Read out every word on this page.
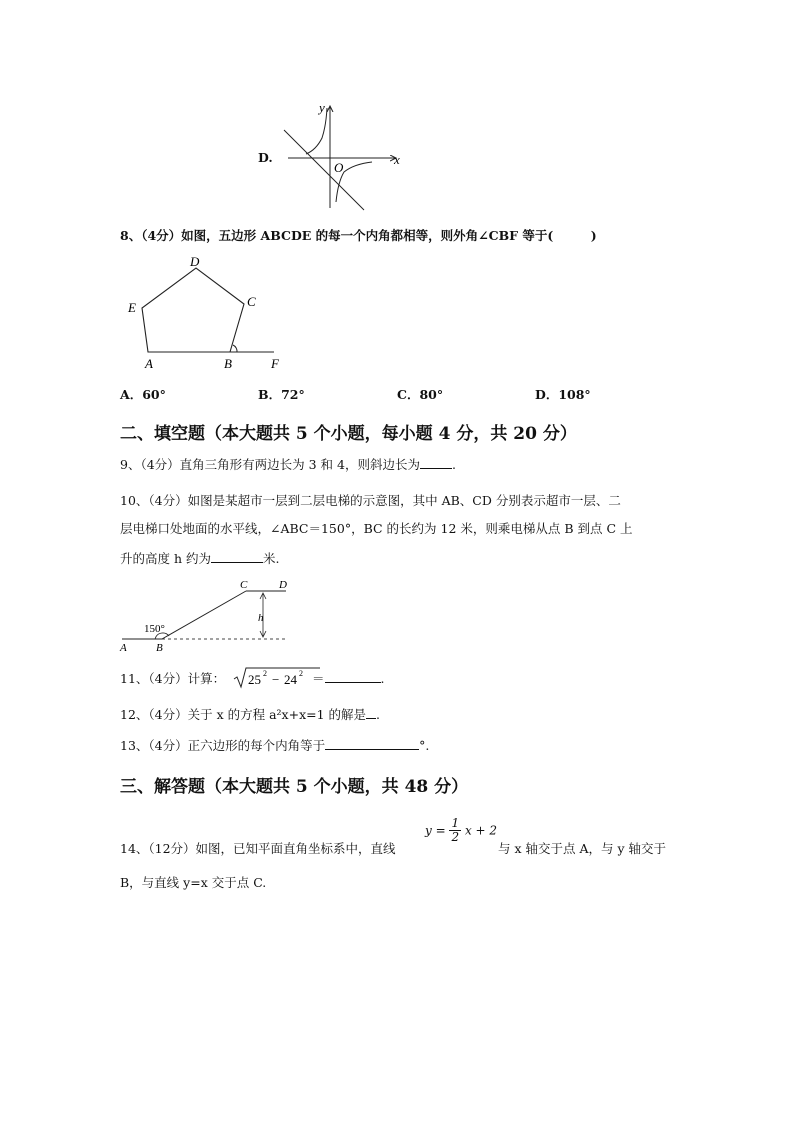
D.
y
x
O
8、（4分）如图，五边形 ABCDE 的每一个内角都相等，则外角∠CBF 等于(　　　)
A	B
C
D
E
F
A．60°	B．72°	C．80°	D．108°
二、填空题（本大题共 5 个小题，每小题 4 分，共 20 分）
9、（4分）直角三角形有两边长为 3 和 4，则斜边长为	.
10、（4分）如图是某超市一层到二层电梯的示意图，其中 AB、CD 分别表示超市一层、二
层电梯口处地面的水平线，∠ABC＝150°，BC 的长约为 12 米，则乘电梯从点 B 到点 C 上
升的高度 h 约为	米.
150°
A	B
C	D
h
11、（4分）计算： 25 2 − 24 2 ＝	.
12、（4分）关于 x 的方程 a²x+x=1 的解是 .
13、（4分）正六边形的每个内角等于	°.
三、解答题（本大题共 5 个小题，共 48 分）
14、（12分）如图，已知平面直角坐标系中，直线
$y = \frac{1}{2}$ x + 2
与 x 轴交于点 A，与 y 轴交于
B，与直线 y=x 交于点 C.
